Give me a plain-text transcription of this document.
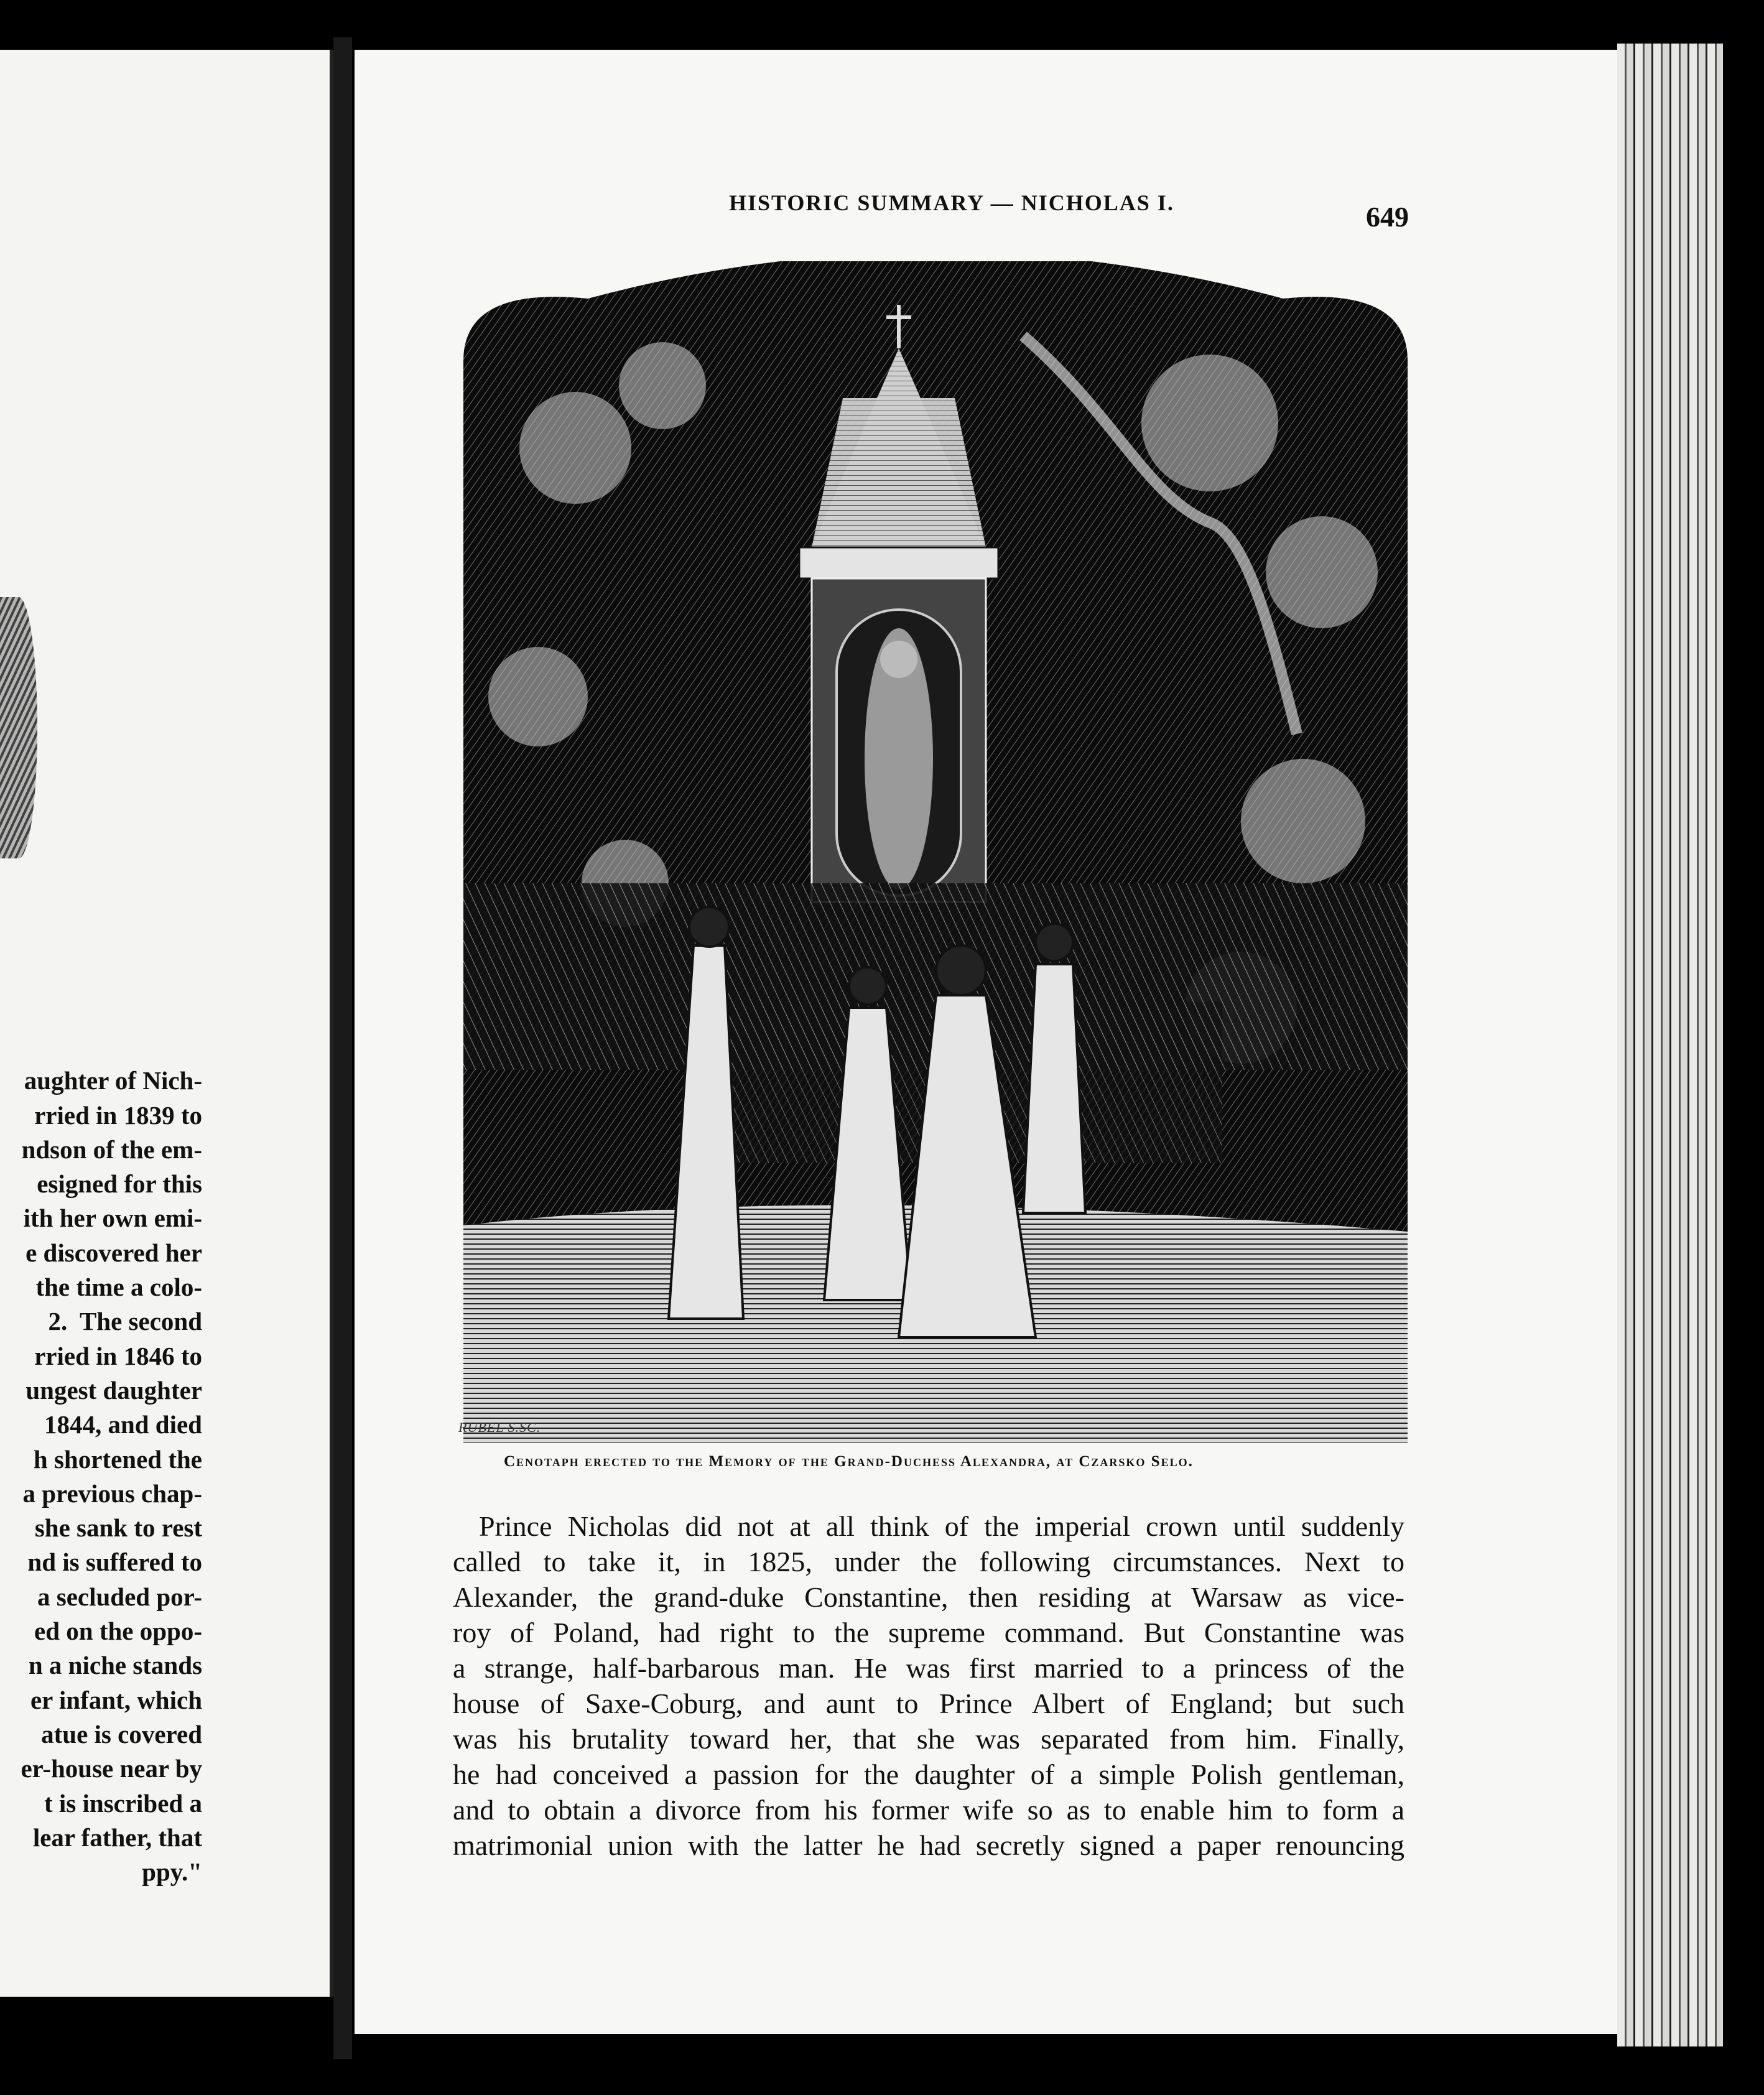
aughter of Nich-
rried in 1839 to
ndson of the em-
esigned for this
ith her own emi-
e discovered her
the time a colo-
2.  The second
rried in 1846 to
ungest daughter
1844, and died
h shortened the
a previous chap-
she sank to rest
nd is suffered to
a secluded por-
ed on the oppo-
n a niche stands
er infant, which
atue is covered
er-house near by
t is inscribed a
lear father, that
ppy."

HISTORIC SUMMARY — NICHOLAS I.	649
RUBEL S.SC.
Cenotaph erected to the Memory of the Grand-Duchess Alexandra, at Czarsko Selo.
Prince Nicholas did not at all think of the imperial crown until suddenly
called to take it, in 1825, under the following circumstances. Next to
Alexander, the grand-duke Constantine, then residing at Warsaw as vice-
roy of Poland, had right to the supreme command. But Constantine was
a strange, half-barbarous man. He was first married to a princess of the
house of Saxe-Coburg, and aunt to Prince Albert of England; but such
was his brutality toward her, that she was separated from him. Finally,
he had conceived a passion for the daughter of a simple Polish gentleman,
and to obtain a divorce from his former wife so as to enable him to form a
matrimonial union with the latter he had secretly signed a paper renouncing
